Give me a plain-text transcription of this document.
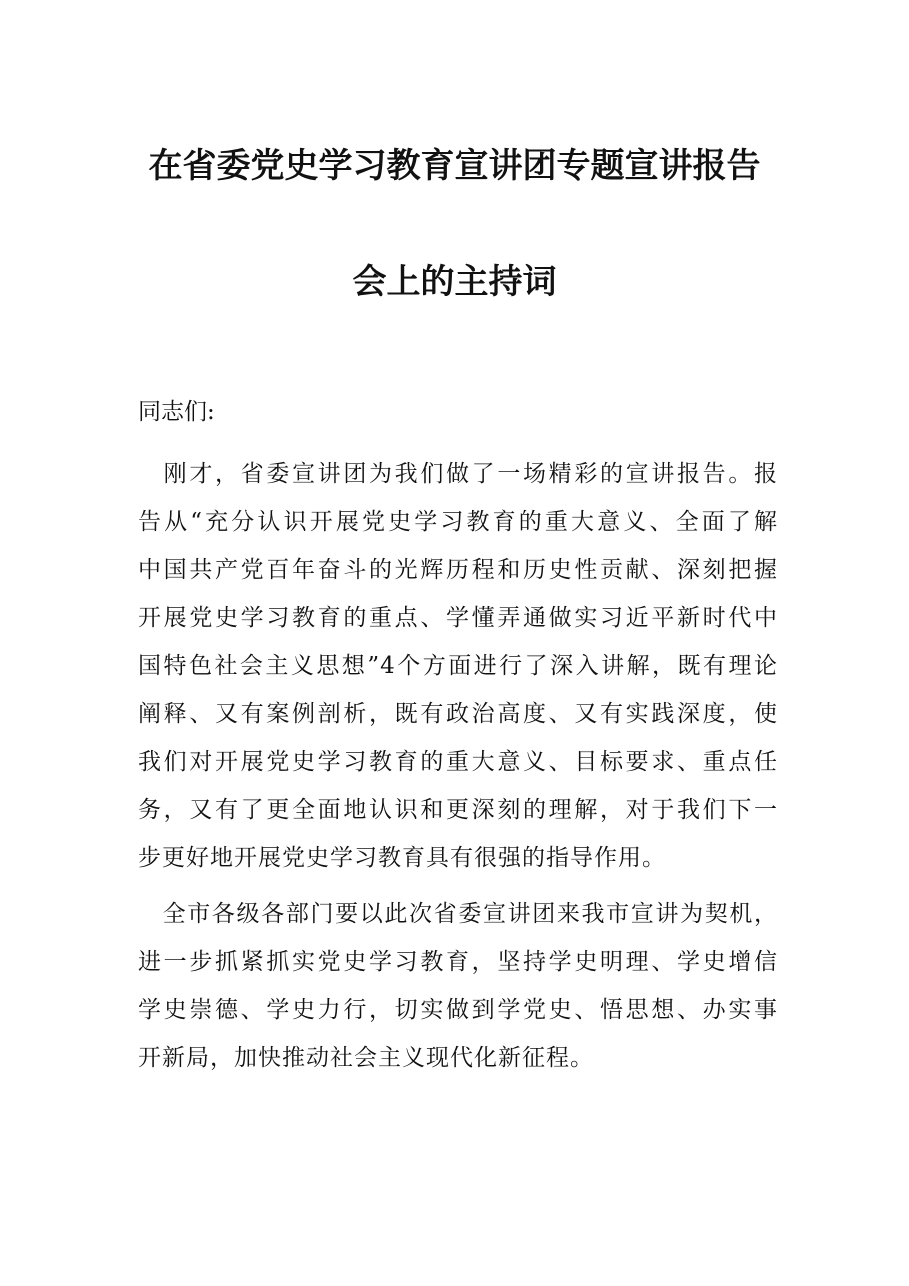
在省委党史学习教育宣讲团专题宣讲报告
会上的主持词
同志们:
　刚才，省委宣讲团为我们做了一场精彩的宣讲报告。报
告从“充分认识开展党史学习教育的重大意义、全面了解
中国共产党百年奋斗的光辉历程和历史性贡献、深刻把握
开展党史学习教育的重点、学懂弄通做实习近平新时代中
国特色社会主义思想”4个方面进行了深入讲解，既有理论
阐释、又有案例剖析，既有政治高度、又有实践深度，使
我们对开展党史学习教育的重大意义、目标要求、重点任
务，又有了更全面地认识和更深刻的理解，对于我们下一
步更好地开展党史学习教育具有很强的指导作用。
　全市各级各部门要以此次省委宣讲团来我市宣讲为契机，
进一步抓紧抓实党史学习教育，坚持学史明理、学史增信
学史崇德、学史力行，切实做到学党史、悟思想、办实事
开新局，加快推动社会主义现代化新征程。
